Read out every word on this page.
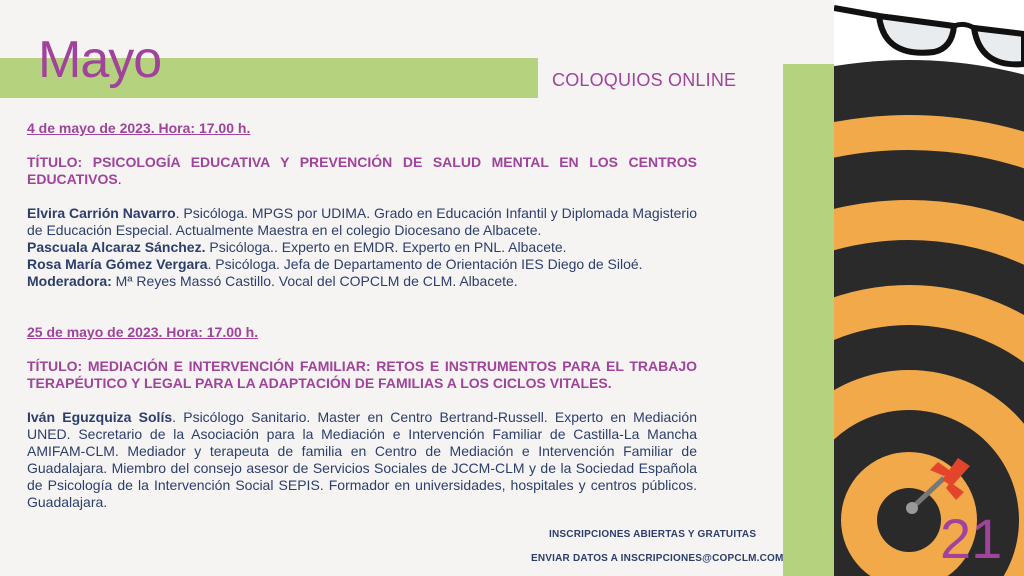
Mayo	COLOQUIOS ONLINE
4 de mayo de 2023. Hora: 17.00 h.
TÍTULO: PSICOLOGÍA EDUCATIVA Y PREVENCIÓN DE SALUD MENTAL EN LOS CENTROS EDUCATIVOS.
Elvira Carrión Navarro. Psicóloga. MPGS por UDIMA. Grado en Educación Infantil y Diplomada Magisterio de Educación Especial. Actualmente Maestra en el colegio Diocesano de Albacete.
Pascuala Alcaraz Sánchez. Psicóloga.. Experto en EMDR. Experto en PNL. Albacete.
Rosa María Gómez Vergara. Psicóloga. Jefa de Departamento de Orientación IES Diego de Siloé.
Moderadora: Mª Reyes Massó Castillo. Vocal del COPCLM de CLM. Albacete.
25 de mayo de 2023. Hora: 17.00 h.
TÍTULO: MEDIACIÓN E INTERVENCIÓN FAMILIAR: RETOS E INSTRUMENTOS PARA EL TRABAJO TERAPÉUTICO Y LEGAL PARA LA ADAPTACIÓN DE FAMILIAS A LOS CICLOS VITALES.
Iván Eguzquiza Solís. Psicólogo Sanitario. Master en Centro Bertrand-Russell. Experto en Mediación UNED. Secretario de la Asociación para la Mediación e Intervención Familiar de Castilla-La Mancha AMIFAM-CLM. Mediador y terapeuta de familia en Centro de Mediación e Intervención Familiar de Guadalajara. Miembro del consejo asesor de Servicios Sociales de JCCM-CLM y de la Sociedad Española de Psicología de la Intervención Social SEPIS. Formador en universidades, hospitales y centros públicos. Guadalajara.
INSCRIPCIONES ABIERTAS Y GRATUITAS
ENVIAR DATOS A INSCRIPCIONES@COPCLM.COM	21
